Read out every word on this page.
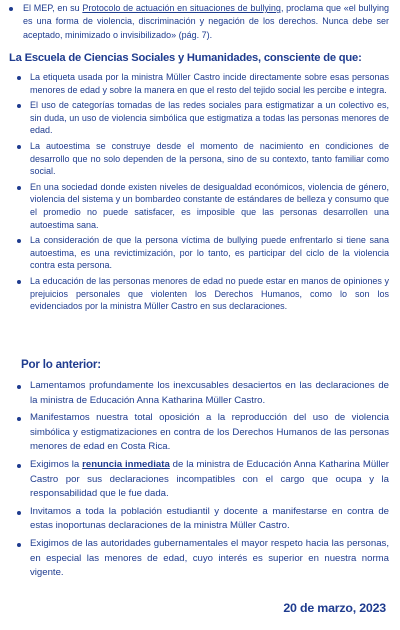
El MEP, en su Protocolo de actuación en situaciones de bullying, proclama que «el bullying es una forma de violencia, discriminación y negación de los derechos. Nunca debe ser aceptado, minimizado o invisibilizado» (pág. 7).
La Escuela de Ciencias Sociales y Humanidades, consciente de que:
La etiqueta usada por la ministra Müller Castro incide directamente sobre esas personas menores de edad y sobre la manera en que el resto del tejido social les percibe e integra.
El uso de categorías tomadas de las redes sociales para estigmatizar a un colectivo es, sin duda, un uso de violencia simbólica que estigmatiza a todas las personas menores de edad.
La autoestima se construye desde el momento de nacimiento en condiciones de desarrollo que no solo dependen de la persona, sino de su contexto, tanto familiar como social.
En una sociedad donde existen niveles de desigualdad económicos, violencia de género, violencia del sistema y un bombardeo constante de estándares de belleza y consumo que el promedio no puede satisfacer, es imposible que las personas desarrollen una autoestima sana.
La consideración de que la persona víctima de bullying puede enfrentarlo si tiene sana autoestima, es una revictimización, por lo tanto, es participar del ciclo de la violencia contra esta persona.
La educación de las personas menores de edad no puede estar en manos de opiniones y prejuicios personales que violenten los Derechos Humanos, como lo son los evidenciados por la ministra Müller Castro en sus declaraciones.
Por lo anterior:
Lamentamos profundamente los inexcusables desaciertos en las declaraciones de la ministra de Educación Anna Katharina Müller Castro.
Manifestamos nuestra total oposición a la reproducción del uso de violencia simbólica y estigmatizaciones en contra de los Derechos Humanos de las personas menores de edad en Costa Rica.
Exigimos la renuncia inmediata de la ministra de Educación Anna Katharina Müller Castro por sus declaraciones incompatibles con el cargo que ocupa y la responsabilidad que le fue dada.
Invitamos a toda la población estudiantil y docente a manifestarse en contra de estas inoportunas declaraciones de la ministra Müller Castro.
Exigimos de las autoridades gubernamentales el mayor respeto hacia las personas, en especial las menores de edad, cuyo interés es superior en nuestra norma vigente.
20 de marzo, 2023
